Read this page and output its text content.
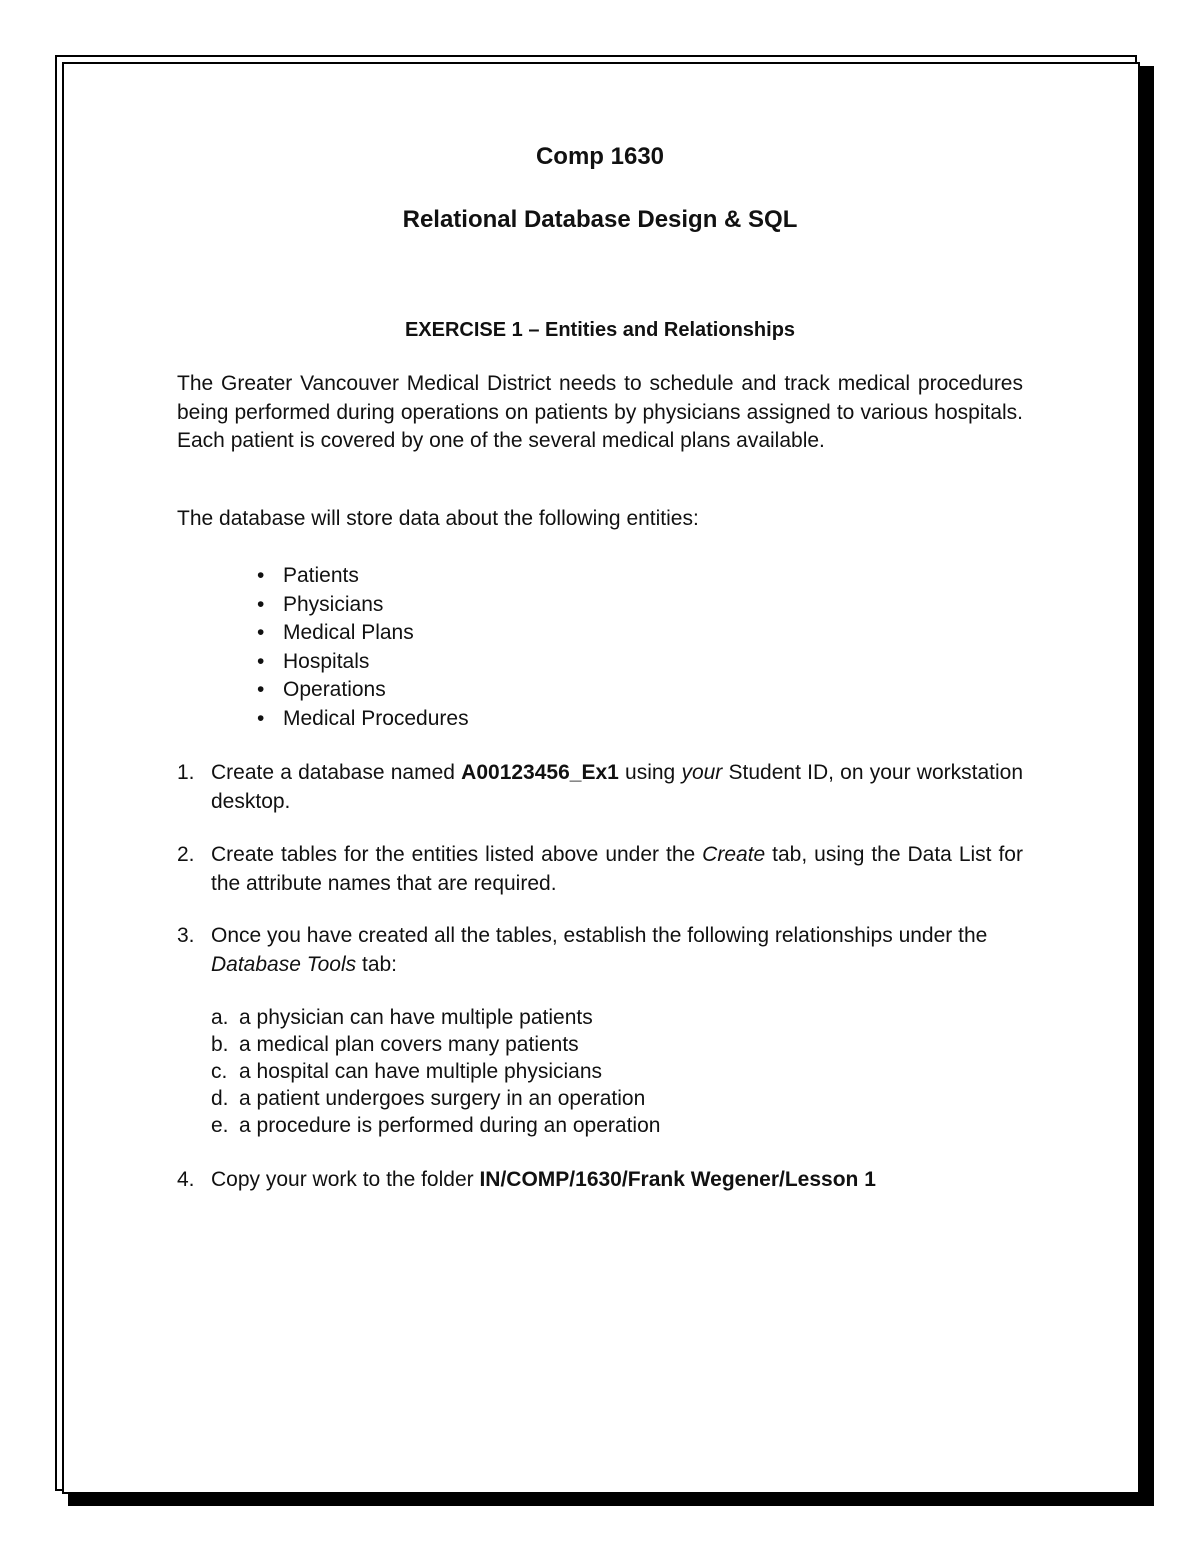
Comp 1630
Relational Database Design & SQL
EXERCISE 1 – Entities and Relationships

The Greater Vancouver Medical District needs to schedule and track medical procedures being performed during operations on patients by physicians assigned to various hospitals. Each patient is covered by one of the several medical plans available.

The database will store data about the following entities:

• Patients
• Physicians
• Medical Plans
• Hospitals
• Operations
• Medical Procedures
1. Create a database named A00123456_Ex1 using your Student ID, on your workstation desktop.
2. Create tables for the entities listed above under the Create tab, using the Data List for the attribute names that are required.
3. Once you have created all the tables, establish the following relationships under the Database Tools tab:
a. a physician can have multiple patients
b. a medical plan covers many patients
c. a hospital can have multiple physicians
d. a patient undergoes surgery in an operation
e. a procedure is performed during an operation
4. Copy your work to the folder IN/COMP/1630/Frank Wegener/Lesson 1
